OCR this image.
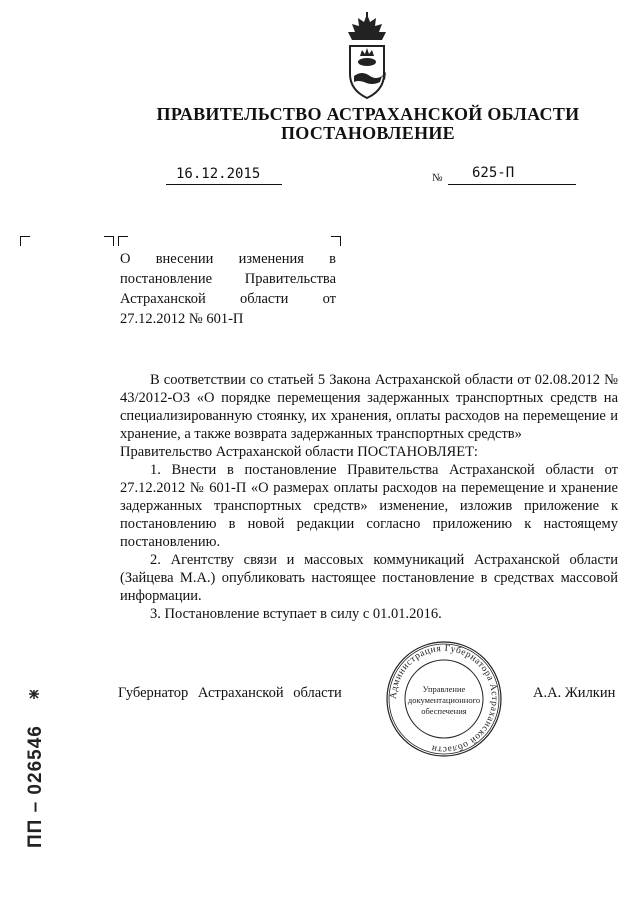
ПРАВИТЕЛЬСТВО АСТРАХАНСКОЙ ОБЛАСТИ
ПОСТАНОВЛЕНИЕ
16.12.2015	№ 625-П
О внесении изменения в постановление Правительства Астраханской области от 27.12.2012 № 601-П

В соответствии со статьей 5 Закона Астраханской области от 02.08.2012 № 43/2012-ОЗ «О порядке перемещения задержанных транспортных средств на специализированную стоянку, их хранения, оплаты расходов на перемещение и хранение, а также возврата задержанных транспортных средств»

Правительство Астраханской области ПОСТАНОВЛЯЕТ:

1. Внести в постановление Правительства Астраханской области от 27.12.2012 № 601-П «О размерах оплаты расходов на перемещение и хранение задержанных транспортных средств» изменение, изложив приложение к постановлению в новой редакции согласно приложению к настоящему постановлению.

2. Агентству связи и массовых коммуникаций Астраханской области (Зайцева М.А.) опубликовать настоящее постановление в средствах массовой информации.

3. Постановление вступает в силу с 01.01.2016.

Губернатор Астраханской области	А.А. Жилкин
Администрация Губернатора Астраханской области
Управление
документационного
обеспечения
ПП – 026546
